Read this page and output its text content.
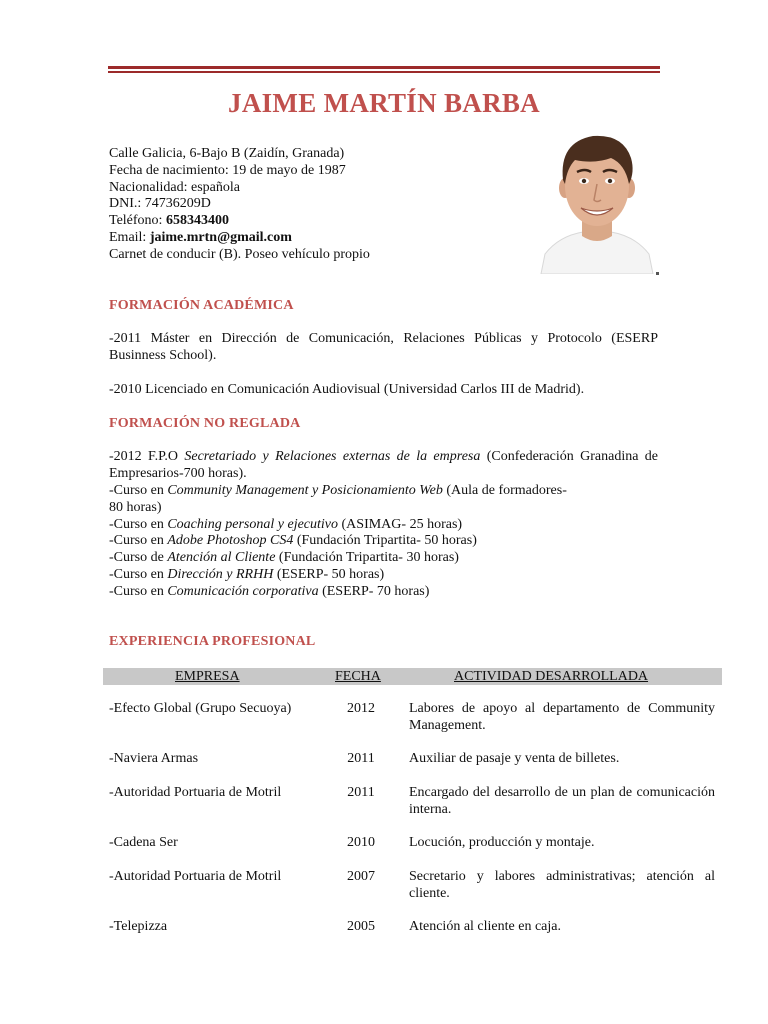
JAIME MARTÍN BARBA
Calle Galicia, 6-Bajo B (Zaidín, Granada)
Fecha de nacimiento: 19 de mayo de 1987
Nacionalidad: española
DNI.: 74736209D
Teléfono: 658343400
Email: jaime.mrtn@gmail.com
Carnet de conducir (B). Poseo vehículo propio
FORMACIÓN ACADÉMICA
-2011 Máster en Dirección de Comunicación, Relaciones Públicas y Protocolo (ESERP Businness School).
-2010 Licenciado en Comunicación Audiovisual (Universidad Carlos III de Madrid).
FORMACIÓN NO REGLADA
-2012 F.P.O Secretariado y Relaciones externas de la empresa (Confederación Granadina de Empresarios-700 horas).
-Curso en Community Management y Posicionamiento Web (Aula de formadores-
80 horas)
-Curso en Coaching personal y ejecutivo (ASIMAG- 25 horas)
-Curso en Adobe Photoshop CS4 (Fundación Tripartita- 50 horas)
-Curso de Atención al Cliente (Fundación Tripartita- 30 horas)
-Curso en Dirección y RRHH (ESERP- 50 horas)
-Curso en Comunicación corporativa (ESERP- 70 horas)
EXPERIENCIA PROFESIONAL
EMPRESA	FECHA	ACTIVIDAD DESARROLLADA
-Efecto Global (Grupo Secuoya)	2012	Labores de apoyo al departamento de Community Management.
-Naviera Armas	2011	Auxiliar de pasaje y venta de billetes.
-Autoridad Portuaria de Motril	2011	Encargado del desarrollo de un plan de comunicación interna.
-Cadena Ser	2010	Locución, producción y montaje.
-Autoridad Portuaria de Motril	2007	Secretario y labores administrativas; atención al cliente.
-Telepizza	2005	Atención al cliente en caja.
